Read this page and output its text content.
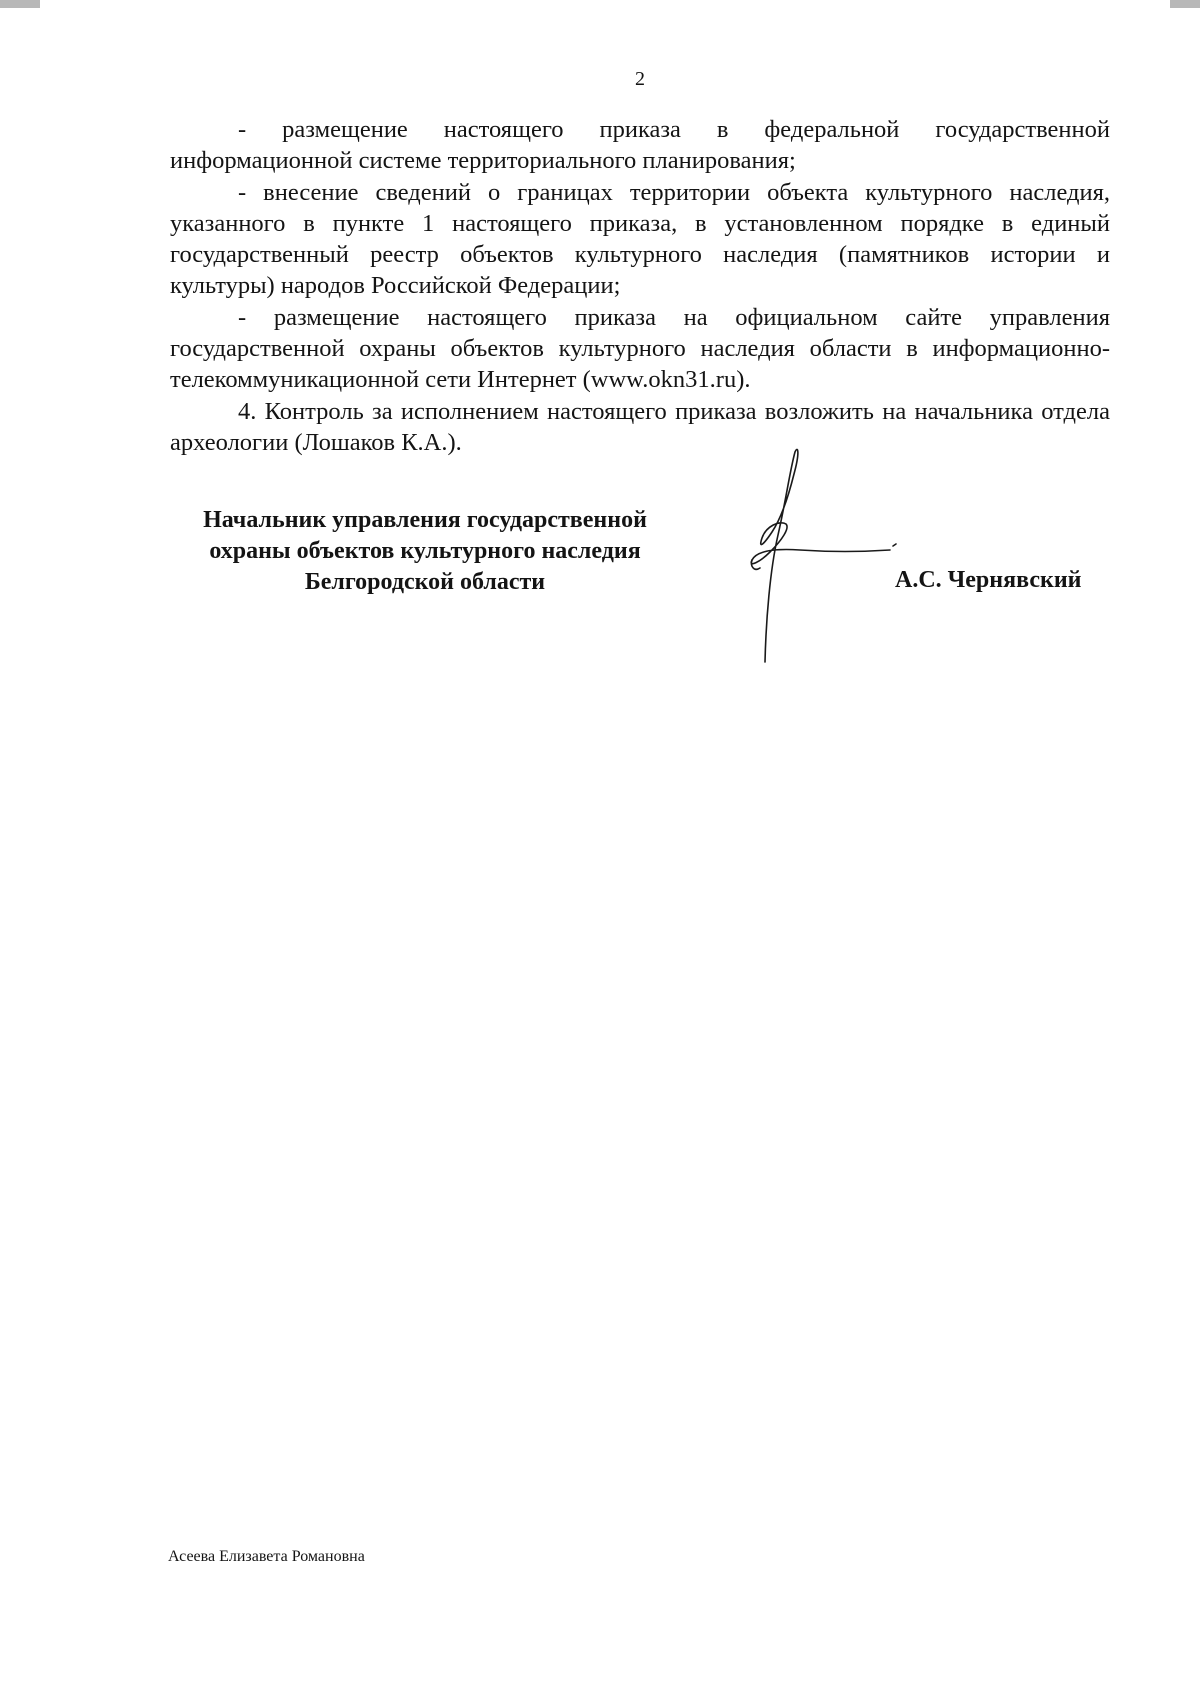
2

- размещение настоящего приказа в федеральной государственной информационной системе территориального планирования;

- внесение сведений о границах территории объекта культурного наследия, указанного в пункте 1 настоящего приказа, в установленном порядке в единый государственный реестр объектов культурного наследия (памятников истории и культуры) народов Российской Федерации;

- размещение настоящего приказа на официальном сайте управления государственной охраны объектов культурного наследия области в информационно-телекоммуникационной сети Интернет (www.okn31.ru).

4. Контроль за исполнением настоящего приказа возложить на начальника отдела археологии (Лошаков К.А.).

Начальник управления государственной
охраны объектов культурного наследия
Белгородской области	А.С. Чернявский
Асеева Елизавета Романовна
